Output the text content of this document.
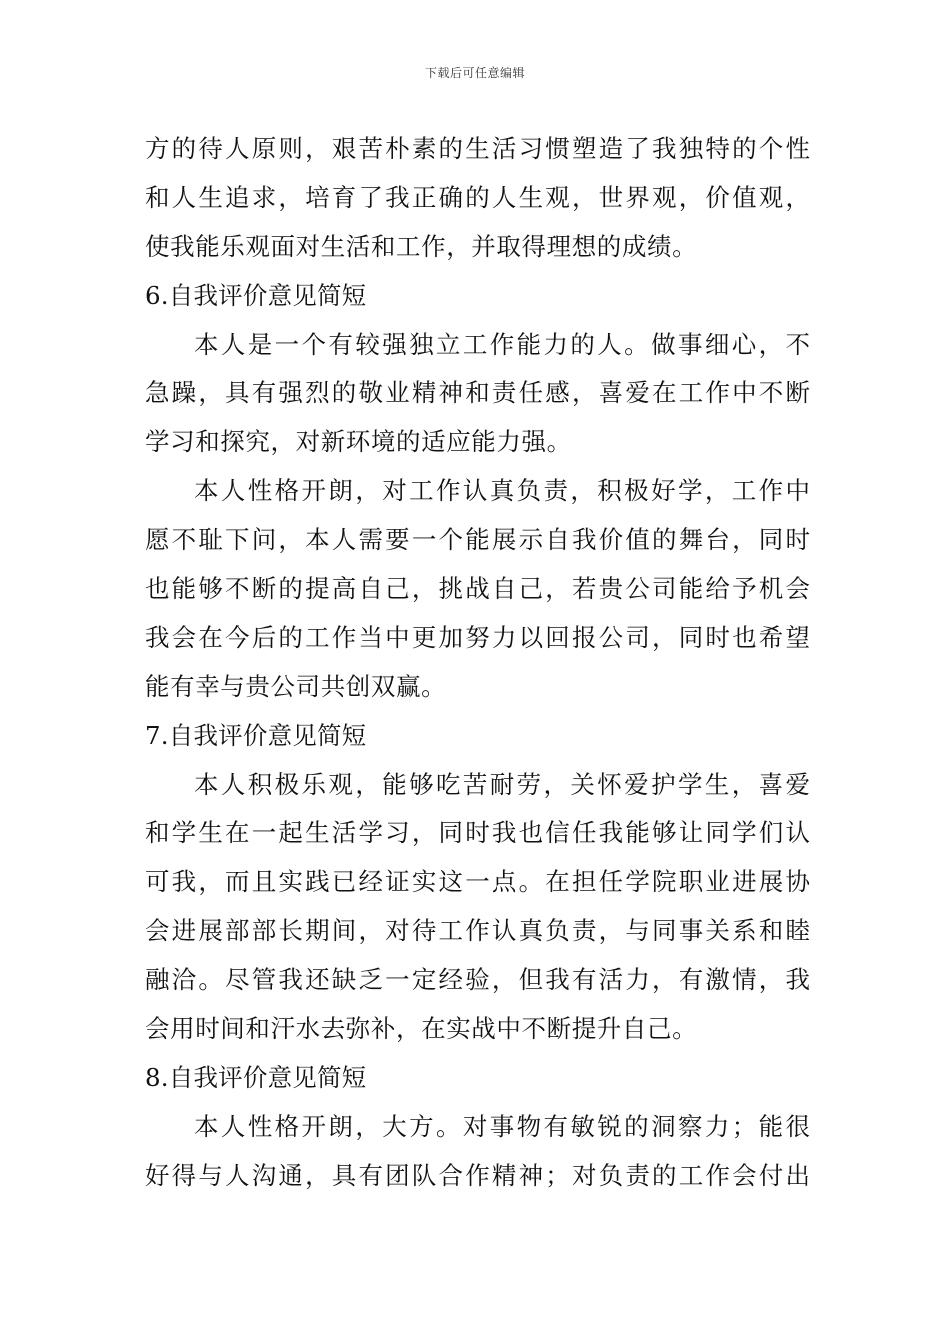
下载后可任意编辑
方的待人原则，艰苦朴素的生活习惯塑造了我独特的个性
和人生追求，培育了我正确的人生观，世界观，价值观，
使我能乐观面对生活和工作，并取得理想的成绩。
6.自我评价意见简短
本人是一个有较强独立工作能力的人。做事细心，不
急躁，具有强烈的敬业精神和责任感，喜爱在工作中不断
学习和探究，对新环境的适应能力强。
本人性格开朗，对工作认真负责，积极好学，工作中
愿不耻下问，本人需要一个能展示自我价值的舞台，同时
也能够不断的提高自己，挑战自己，若贵公司能给予机会
我会在今后的工作当中更加努力以回报公司，同时也希望
能有幸与贵公司共创双赢。
7.自我评价意见简短
本人积极乐观，能够吃苦耐劳，关怀爱护学生，喜爱
和学生在一起生活学习，同时我也信任我能够让同学们认
可我，而且实践已经证实这一点。在担任学院职业进展协
会进展部部长期间，对待工作认真负责，与同事关系和睦
融洽。尽管我还缺乏一定经验，但我有活力，有激情，我
会用时间和汗水去弥补，在实战中不断提升自己。
8.自我评价意见简短
本人性格开朗，大方。对事物有敏锐的洞察力；能很
好得与人沟通，具有团队合作精神；对负责的工作会付出
